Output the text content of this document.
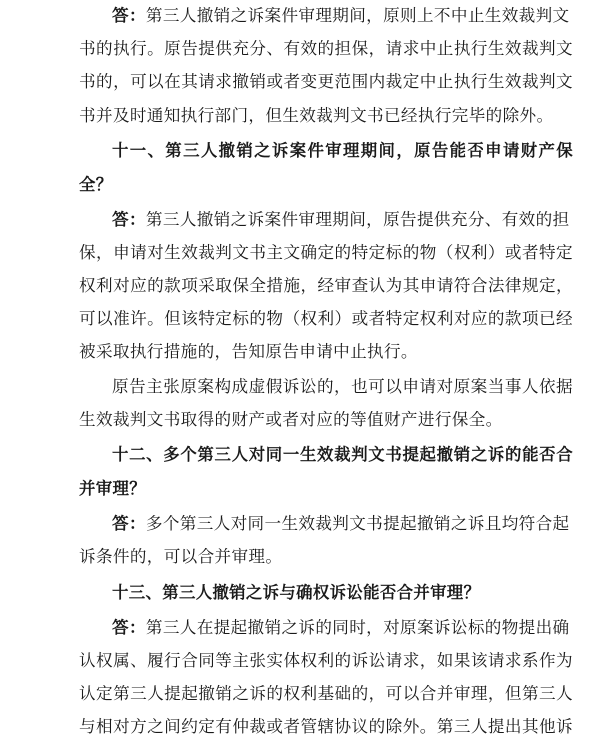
答：第三人撤销之诉案件审理期间，原则上不中止生效裁判文
书的执行。原告提供充分、有效的担保，请求中止执行生效裁判文
书的，可以在其请求撤销或者变更范围内裁定中止执行生效裁判文
书并及时通知执行部门，但生效裁判文书已经执行完毕的除外。
十一、第三人撤销之诉案件审理期间，原告能否申请财产保
全？
答：第三人撤销之诉案件审理期间，原告提供充分、有效的担
保，申请对生效裁判文书主文确定的特定标的物（权利）或者特定
权利对应的款项采取保全措施，经审查认为其申请符合法律规定，
可以准许。但该特定标的物（权利）或者特定权利对应的款项已经
被采取执行措施的，告知原告申请中止执行。
原告主张原案构成虚假诉讼的，也可以申请对原案当事人依据
生效裁判文书取得的财产或者对应的等值财产进行保全。
十二、多个第三人对同一生效裁判文书提起撤销之诉的能否合
并审理？
答：多个第三人对同一生效裁判文书提起撤销之诉且均符合起
诉条件的，可以合并审理。
十三、第三人撤销之诉与确权诉讼能否合并审理？
答：第三人在提起撤销之诉的同时，对原案诉讼标的物提出确
认权属、履行合同等主张实体权利的诉讼请求，如果该请求系作为
认定第三人提起撤销之诉的权利基础的，可以合并审理，但第三人
与相对方之间约定有仲裁或者管辖协议的除外。第三人提出其他诉
